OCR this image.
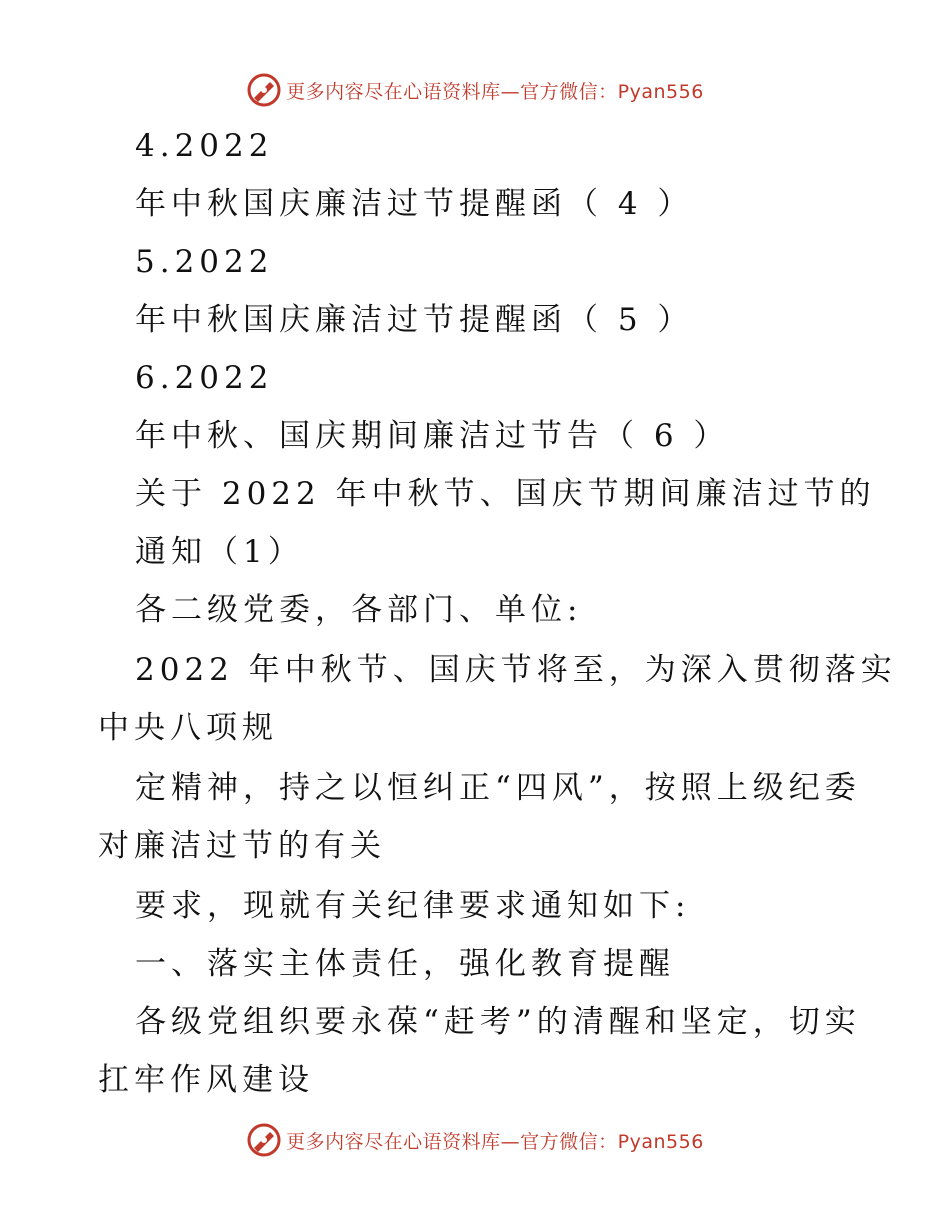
更多内容尽在心语资料库—官方微信：Pyan556
4.2022
年中秋国庆廉洁过节提醒函（ 4 ）
5.2022
年中秋国庆廉洁过节提醒函（ 5 ）
6.2022
年中秋、国庆期间廉洁过节告（ 6 ）
关于 2022 年中秋节、国庆节期间廉洁过节的
通知（1）
各二级党委，各部门、单位:
2022 年中秋节、国庆节将至，为深入贯彻落实
中央八项规
定精神，持之以恒纠正“四风”，按照上级纪委
对廉洁过节的有关
要求，现就有关纪律要求通知如下:
一、落实主体责任，强化教育提醒
各级党组织要永葆“赶考”的清醒和坚定，切实
扛牢作风建设
更多内容尽在心语资料库—官方微信：Pyan556
